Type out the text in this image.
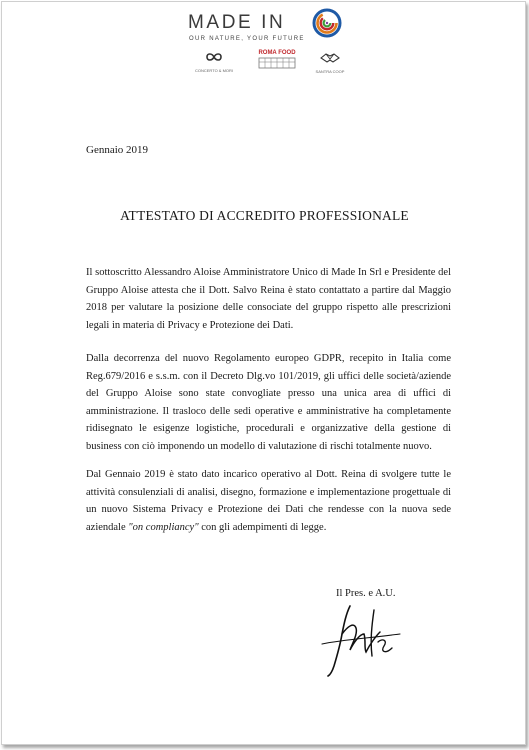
MADE IN
OUR NATURE, YOUR FUTURE
CONCERTO & MORI
ROMA FOOD
SANTRA COOP
Gennaio 2019
ATTESTATO DI ACCREDITO PROFESSIONALE
Il sottoscritto Alessandro Aloise Amministratore Unico di Made In Srl e Presidente del Gruppo Aloise attesta che il Dott. Salvo Reina è stato contattato a partire dal Maggio 2018 per valutare la posizione delle consociate del gruppo rispetto alle prescrizioni legali in materia di Privacy e Protezione dei Dati.
Dalla decorrenza del nuovo Regolamento europeo GDPR, recepito in Italia come Reg.679/2016 e s.s.m. con il Decreto Dlg.vo 101/2019, gli uffici delle società/aziende del Gruppo Aloise sono state convogliate presso una unica area di uffici di amministrazione. Il trasloco delle sedi operative e amministrative ha completamente ridisegnato le esigenze logistiche, procedurali e organizzative della gestione di business con ciò imponendo un modello di valutazione di rischi totalmente nuovo.
Dal Gennaio 2019 è stato dato incarico operativo al Dott. Reina di svolgere tutte le attività consulenziali di analisi, disegno, formazione e implementazione progettuale di un nuovo Sistema Privacy e Protezione dei Dati che rendesse con la nuova sede aziendale "on compliancy" con gli adempimenti di legge.
Il Pres. e A.U.
